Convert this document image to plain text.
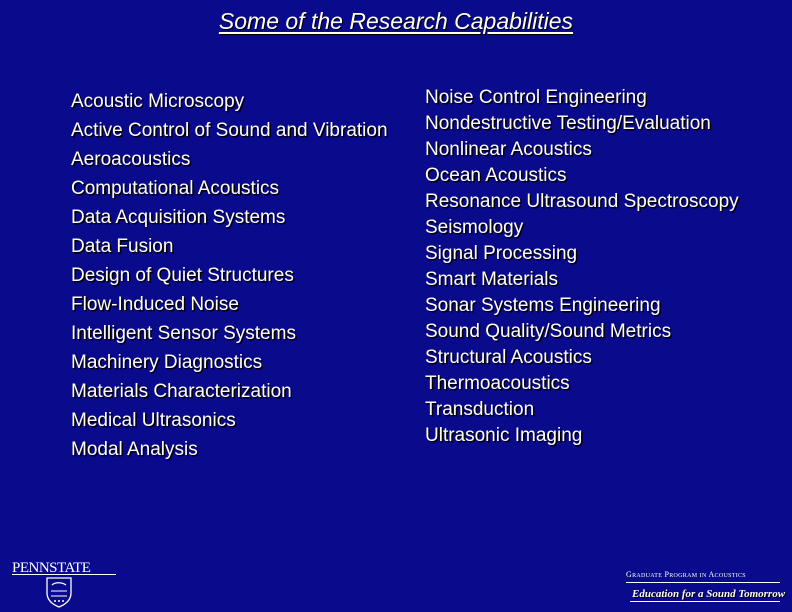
Some of the Research Capabilities
Acoustic Microscopy
Active Control of Sound and Vibration
Aeroacoustics
Computational Acoustics
Data Acquisition Systems
Data Fusion
Design of Quiet Structures
Flow-Induced Noise
Intelligent Sensor Systems
Machinery Diagnostics
Materials Characterization
Medical Ultrasonics
Modal Analysis
Noise Control Engineering
Nondestructive Testing/Evaluation
Nonlinear Acoustics
Ocean Acoustics
Resonance Ultrasound Spectroscopy
Seismology
Signal Processing
Smart Materials
Sonar Systems Engineering
Sound Quality/Sound Metrics
Structural Acoustics
Thermoacoustics
Transduction
Ultrasonic Imaging
PENNSTATE	Graduate Program in Acoustics
Education for a Sound Tomorrow
